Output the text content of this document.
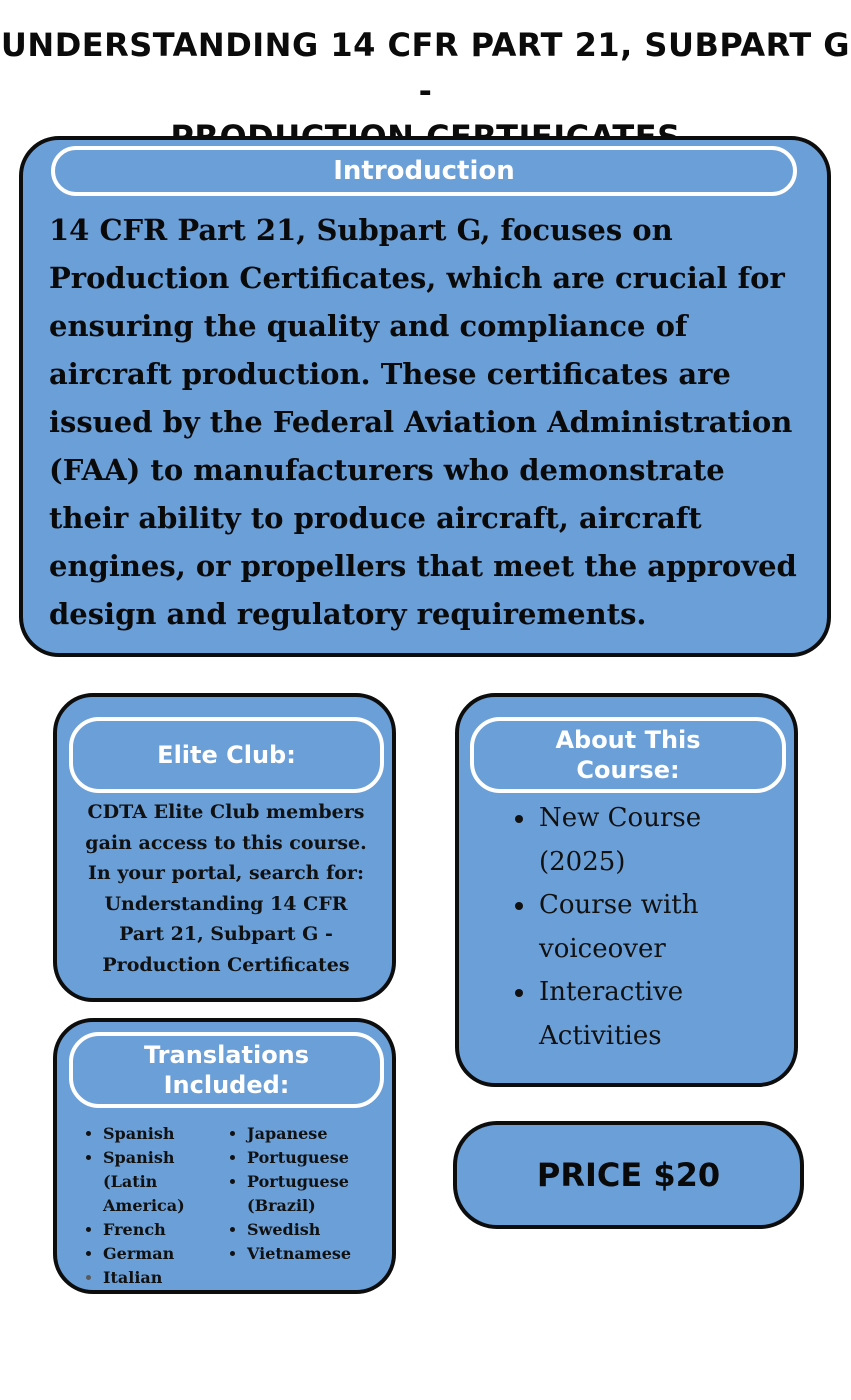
UNDERSTANDING 14 CFR PART 21, SUBPART G -
Introduction
14 CFR Part 21, Subpart G, focuses on Production Certificates, which are crucial for ensuring the quality and compliance of aircraft production. These certificates are issued by the Federal Aviation Administration (FAA) to manufacturers who demonstrate their ability to produce aircraft, aircraft engines, or propellers that meet the approved design and regulatory requirements.
Elite Club:
CDTA Elite Club members gain access to this course. In your portal, search for: Understanding 14 CFR Part 21, Subpart G - Production Certificates
About This
Course:
• New Course (2025)
• Course with voiceover
• Interactive Activities
Translations
Included:
• Spanish
• Spanish (Latin America)
• French
• German
• Italian
• Japanese
• Portuguese
• Portuguese (Brazil)
• Swedish
• Vietnamese
PRICE $20
